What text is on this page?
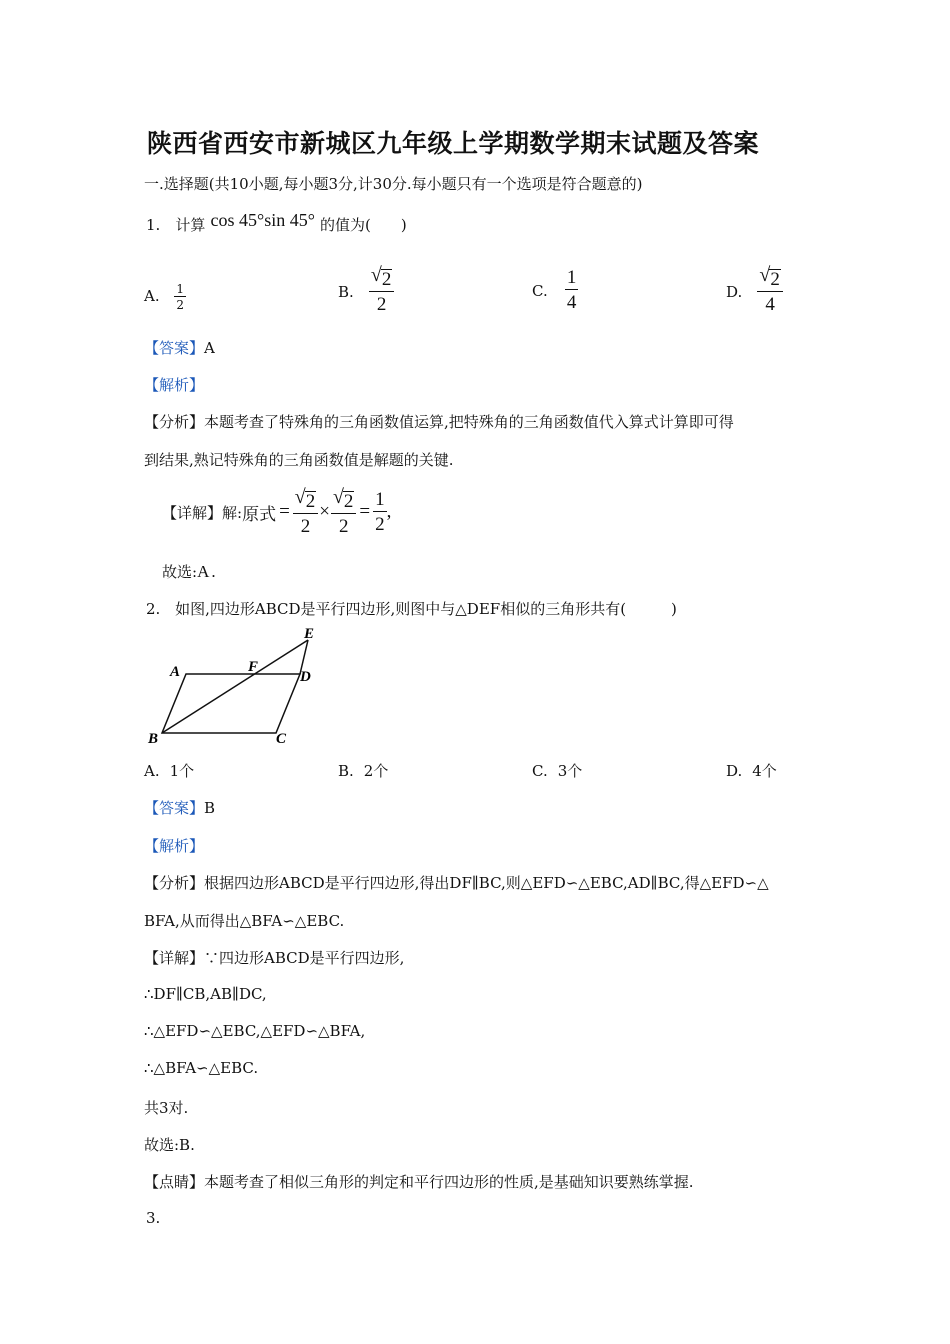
陕西省西安市新城区九年级上学期数学期末试题及答案
一.选择题(共10小题,每小题3分,计30分.每小题只有一个选项是符合题意的)
1. 计算 cos 45°sin 45° 的值为(　　)
A. $\frac{1}{2}$	B. $\frac{√ 2}{2}$	C. $\frac{1}{4}$	D. $\frac{√ 2}{4}$
【答案】A
【解析】
【分析】本题考查了特殊角的三角函数值运算,把特殊角的三角函数值代入算式计算即可得
到结果,熟记特殊角的三角函数值是解题的关键.
【详解】 解: 原式 = $\frac{√ 2}{2} \times \frac{√ 2}{2} = \frac{1}{2}$ ,
故选:A .
2. 如图,四边形ABCD是平行四边形,则图中与△DEF相似的三角形共有(　　　)
A
B	C
D
E
F
A. 1个	B. 2个	C. 3个	D. 4个
【答案】B
【解析】
【分析】根据四边形ABCD是平行四边形,得出DF∥BC,则△EFD∽△EBC,AD∥BC,得△EFD∽△
BFA,从而得出△BFA∽△EBC.
【详解】∵四边形ABCD是平行四边形,
∴DF∥CB,AB∥DC,
∴△EFD∽△EBC,△EFD∽△BFA,
∴△BFA∽△EBC.
共3对.
故选:B.
【点睛】本题考查了相似三角形的判定和平行四边形的性质,是基础知识要熟练掌握.
3.
